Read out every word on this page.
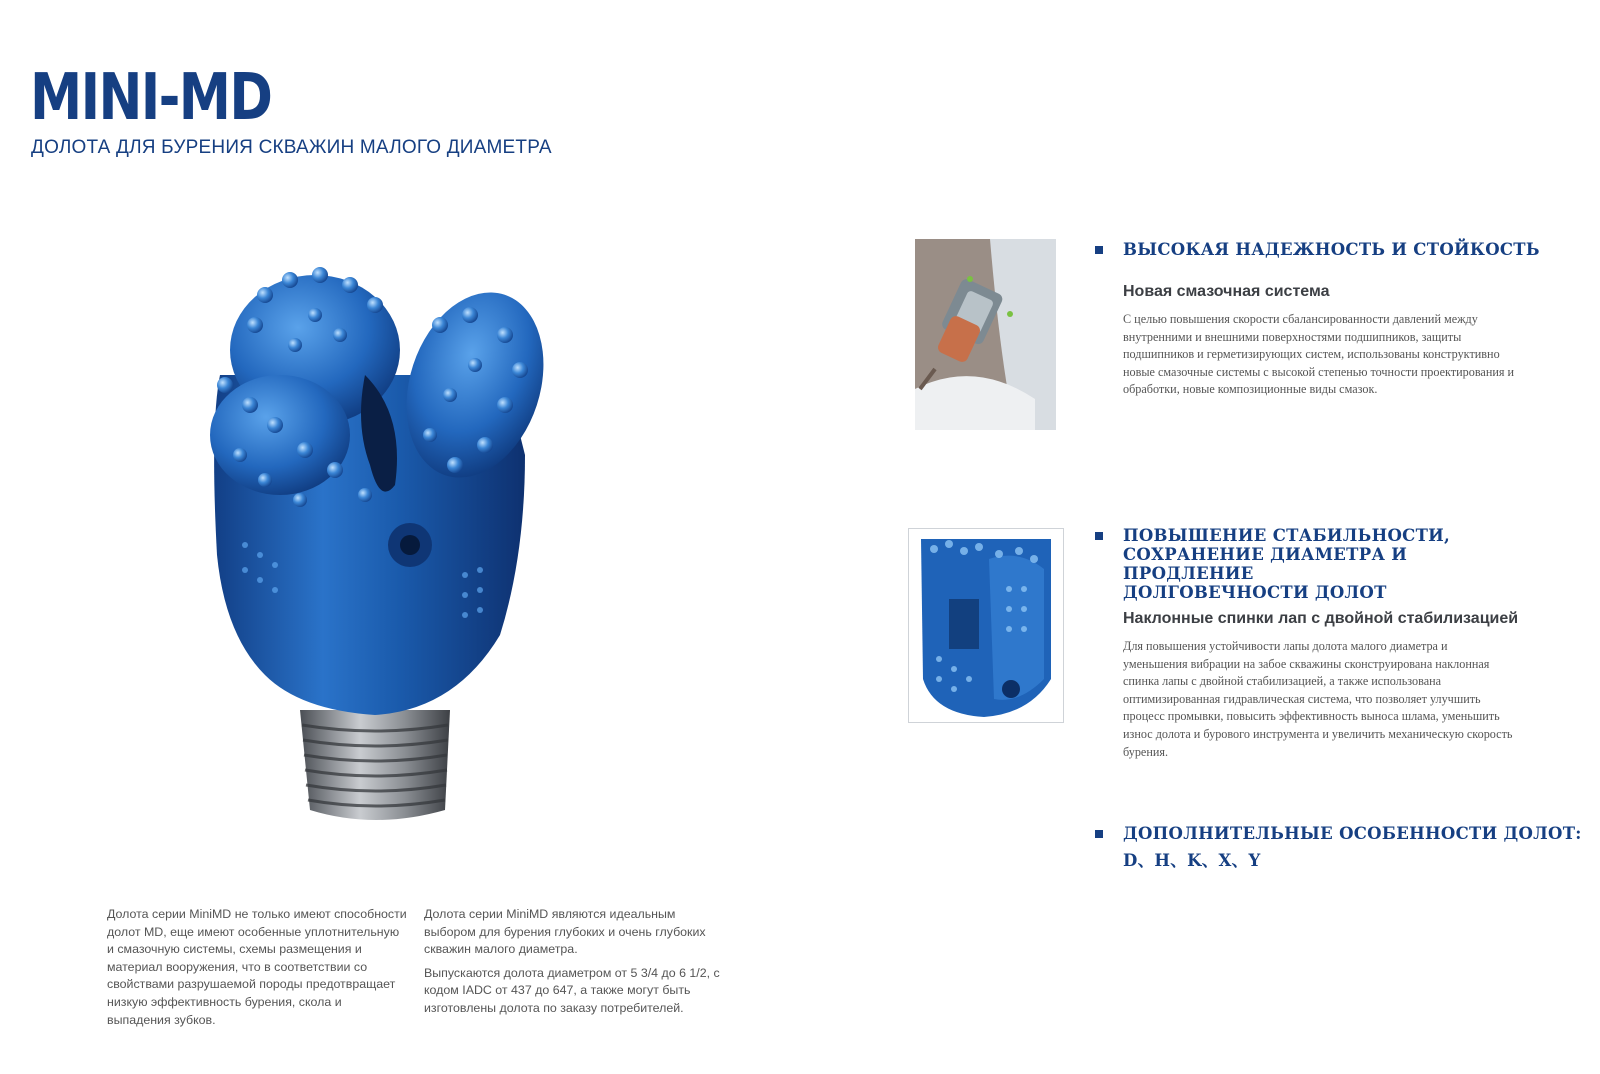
MINI-MD
ДОЛОТА ДЛЯ БУРЕНИЯ СКВАЖИН МАЛОГО ДИАМЕТРА

Долота серии MiniMD не только имеют способности долот MD, еще имеют особенные уплотнительную и смазочную системы, схемы размещения и материал вооружения, что в соответствии со свойствами разрушаемой породы предотвращает низкую эффективность бурения, скола и выпадения зубков.

Долота серии MiniMD являются идеальным выбором для бурения глубоких и очень глубоких скважин малого диаметра.

Выпускаются долота диаметром от 5 3/4 до 6 1/2, с кодом IADC от 437 до 647, а также могут быть изготовлены долота по заказу потребителей.

ВЫСОКАЯ НАДЕЖНОСТЬ И СТОЙКОСТЬ
Новая смазочная система
С целью повышения скорости сбалансированности давлений между внутренними и внешними поверхностями подшипников, защиты подшипников и герметизирующих систем, использованы конструктивно новые смазочные системы с высокой степенью точности проектирования и обработки, новые композиционные виды смазок.
ПОВЫШЕНИЕ СТАБИЛЬНОСТИ,
СОХРАНЕНИЕ ДИАМЕТРА И ПРОДЛЕНИЕ
ДОЛГОВЕЧНОСТИ ДОЛОТ
Наклонные спинки лап с двойной стабилизацией
Для повышения устойчивости лапы долота малого диаметра и уменьшения вибрации на забое скважины сконструирована наклонная спинка лапы с двойной стабилизацией, а также использована оптимизированная гидравлическая система, что позволяет улучшить процесс промывки, повысить эффективность выноса шлама, уменьшить износ долота и бурового инструмента и увеличить механическую скорость бурения.
ДОПОЛНИТЕЛЬНЫЕ ОСОБЕННОСТИ ДОЛОТ:
D、H、K、X、Y
